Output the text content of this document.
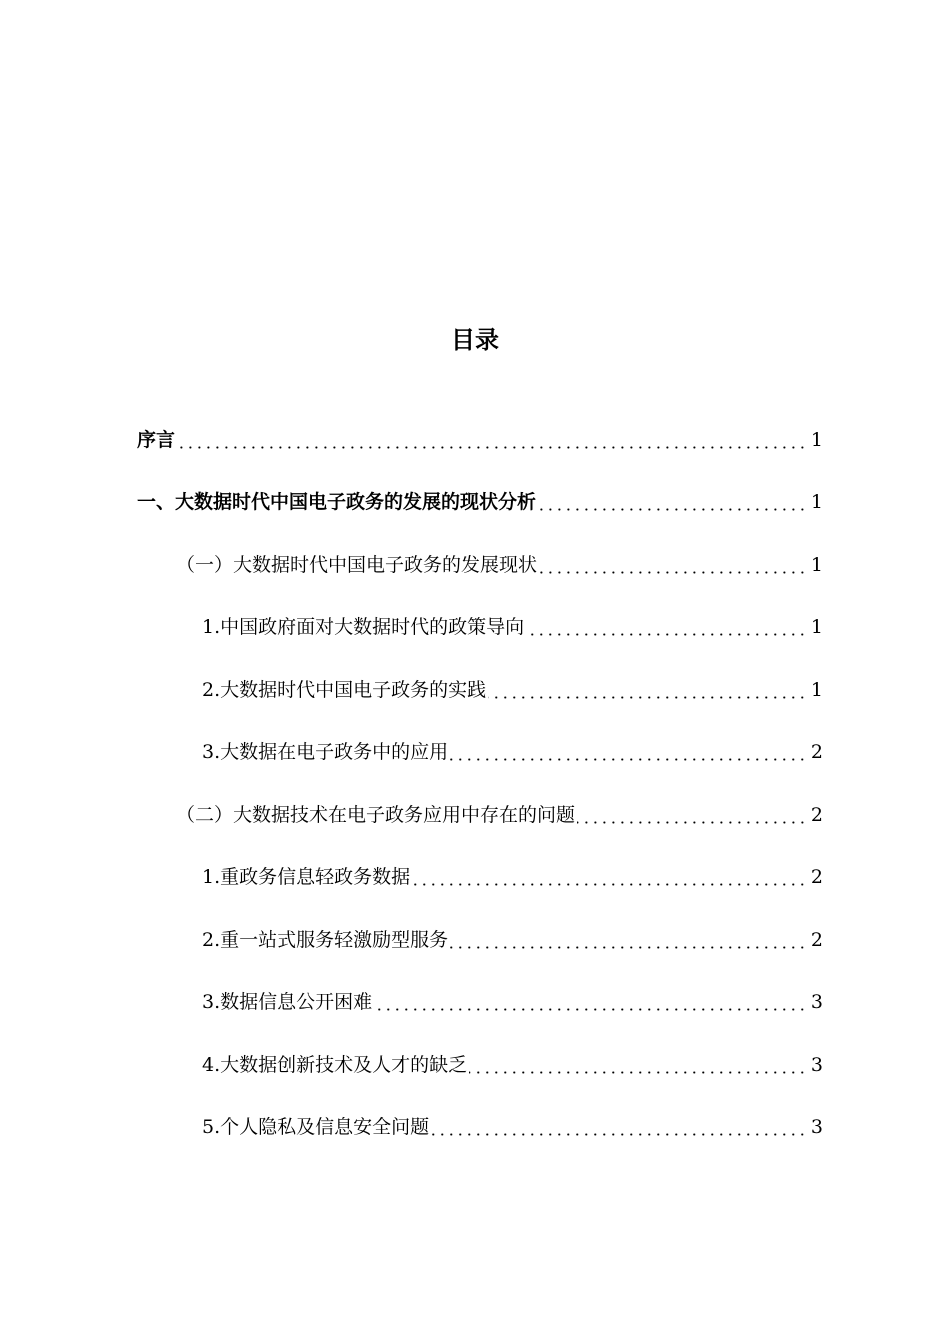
目录
序言	1
一、大数据时代中国电子政务的发展的现状分析	1
（一）大数据时代中国电子政务的发展现状	1
1.中国政府面对大数据时代的政策导向	1
2.大数据时代中国电子政务的实践	1
3.大数据在电子政务中的应用	2
（二）大数据技术在电子政务应用中存在的问题	2
1.重政务信息轻政务数据	2
2.重一站式服务轻激励型服务	2
3.数据信息公开困难	3
4.大数据创新技术及人才的缺乏	3
5.个人隐私及信息安全问题	3
